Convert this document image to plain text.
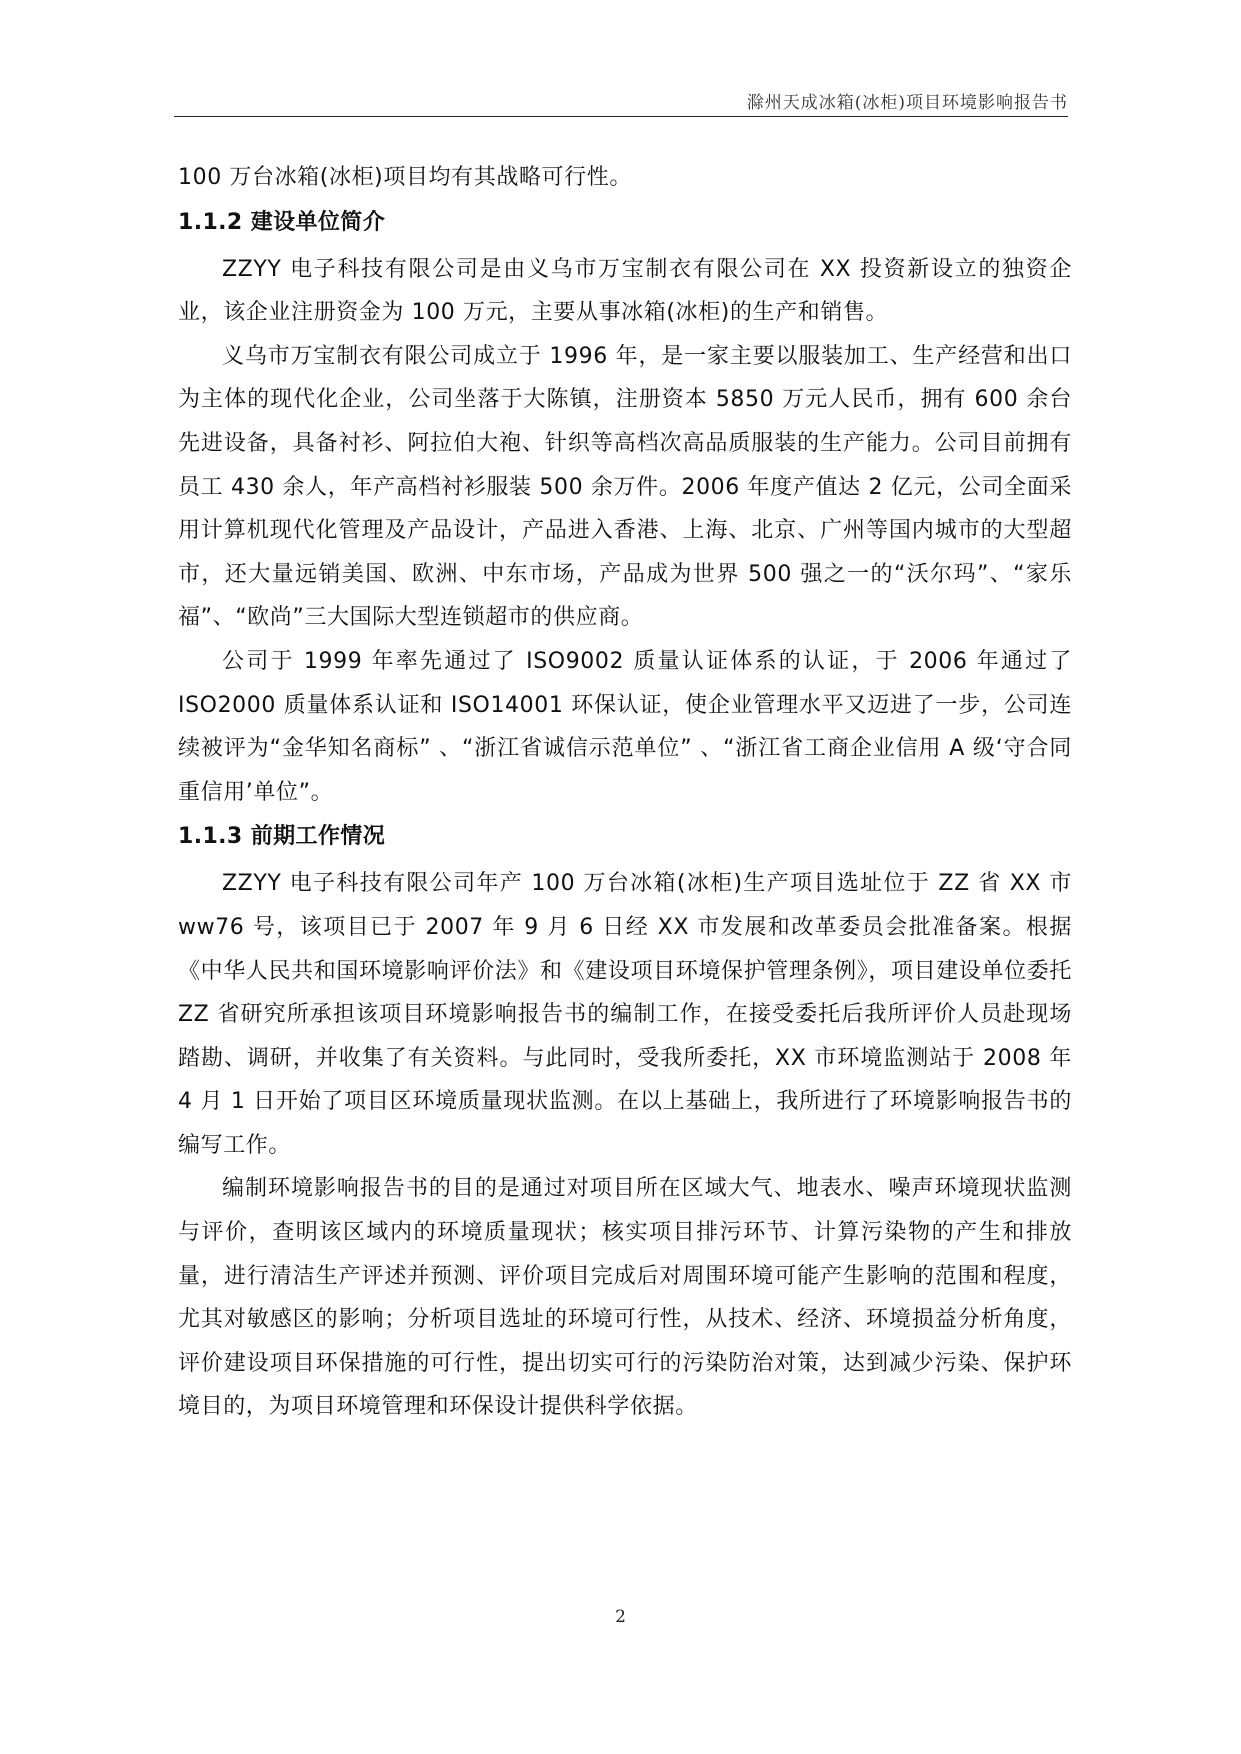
滁州天成冰箱(冰柜)项目环境影响报告书

100 万台冰箱(冰柜)项目均有其战略可行性。

1.1.2 建设单位简介

ZZYY 电子科技有限公司是由义乌市万宝制衣有限公司在 XX 投资新设立的独资企业，该企业注册资金为 100 万元，主要从事冰箱(冰柜)的生产和销售。

义乌市万宝制衣有限公司成立于 1996 年，是一家主要以服装加工、生产经营和出口为主体的现代化企业，公司坐落于大陈镇，注册资本 5850 万元人民币，拥有 600 余台先进设备，具备衬衫、阿拉伯大袍、针织等高档次高品质服装的生产能力。公司目前拥有员工 430 余人，年产高档衬衫服装 500 余万件。2006 年度产值达 2 亿元，公司全面采用计算机现代化管理及产品设计，产品进入香港、上海、北京、广州等国内城市的大型超市，还大量远销美国、欧洲、中东市场，产品成为世界 500 强之一的“沃尔玛”、“家乐福”、“欧尚”三大国际大型连锁超市的供应商。

公司于 1999 年率先通过了 ISO9002 质量认证体系的认证，于 2006 年通过了 ISO2000 质量体系认证和 ISO14001 环保认证，使企业管理水平又迈进了一步，公司连续被评为“金华知名商标” 、“浙江省诚信示范单位” 、“浙江省工商企业信用 A 级‘守合同重信用’单位”。

1.1.3 前期工作情况

ZZYY 电子科技有限公司年产 100 万台冰箱(冰柜)生产项目选址位于 ZZ 省 XX 市 ww76 号，该项目已于 2007 年 9 月 6 日经 XX 市发展和改革委员会批准备案。根据《中华人民共和国环境影响评价法》和《建设项目环境保护管理条例》，项目建设单位委托 ZZ 省研究所承担该项目环境影响报告书的编制工作，在接受委托后我所评价人员赴现场踏勘、调研，并收集了有关资料。与此同时，受我所委托，XX 市环境监测站于 2008 年 4 月 1 日开始了项目区环境质量现状监测。在以上基础上，我所进行了环境影响报告书的编写工作。

编制环境影响报告书的目的是通过对项目所在区域大气、地表水、噪声环境现状监测与评价，查明该区域内的环境质量现状；核实项目排污环节、计算污染物的产生和排放量，进行清洁生产评述并预测、评价项目完成后对周围环境可能产生影响的范围和程度，尤其对敏感区的影响；分析项目选址的环境可行性，从技术、经济、环境损益分析角度，评价建设项目环保措施的可行性，提出切实可行的污染防治对策，达到减少污染、保护环境目的，为项目环境管理和环保设计提供科学依据。

2
